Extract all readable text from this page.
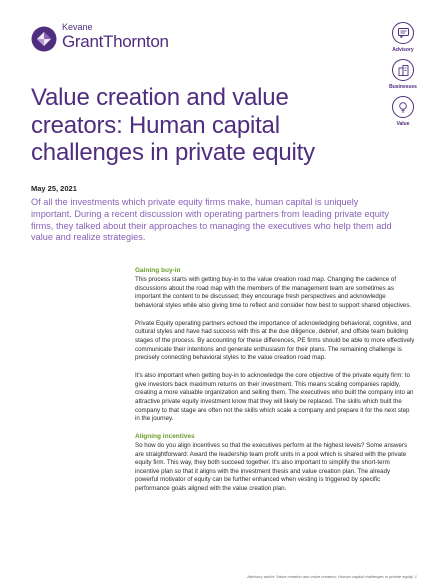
Kevane
GrantThornton	Advisory
Businesses
Value
Value creation and value creators: Human capital challenges in private equity
May 25, 2021

Of all the investments which private equity firms make, human capital is uniquely important. During a recent discussion with operating partners from leading private equity firms, they talked about their approaches to managing the executives who help them add value and realize strategies.

Gaining buy-in

This process starts with getting buy-in to the value creation road map. Changing the cadence of discussions about the road map with the members of the management team are sometimes as important the content to be discussed; they encourage fresh perspectives and acknowledge behavioral styles while also giving time to reflect and consider how best to support shared objectives.

Private Equity operating partners echoed the importance of acknowledging behavioral, cognitive, and cultural styles and have had success with this at the due diligence, debrief, and offsite team building stages of the process. By accounting for these differences, PE firms should be able to more effectively communicate their intentions and generate enthusiasm for their plans. The remaining challenge is precisely connecting behavioral styles to the value creation road map.

It's also important when getting buy-in to acknowledge the core objective of the private equity firm: to give investors back maximum returns on their investment. This means scaling companies rapidly, creating a more valuable organization and selling them. The executives who built the company into an attractive private equity investment know that they will likely be replaced. The skills which built the company to that stage are often not the skills which scale a company and prepare it for the next step in the journey.

Aligning incentives

So how do you align incentives so that the executives perform at the highest levels? Some answers are straightforward: Award the leadership team profit units in a pool which is shared with the private equity firm. This way, they both succeed together. It's also important to simplify the short-term incentive plan so that it aligns with the investment thesis and value creation plan. The already powerful motivator of equity can be further enhanced when vesting is triggered by specific performance goals aligned with the value creation plan.

Advisory article 'Value creation and value creators: Human capital challenges in private equity' 1
